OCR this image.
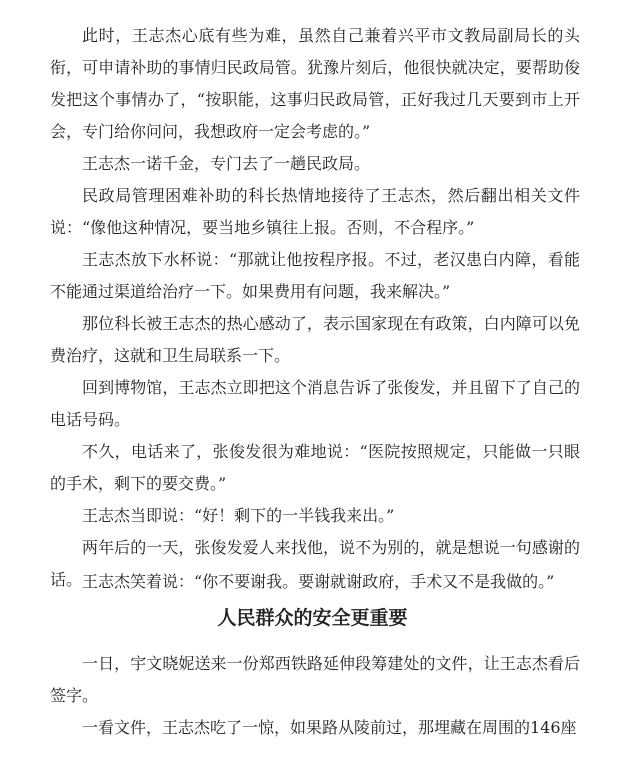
此时，王志杰心底有些为难，虽然自己兼着兴平市文教局副局长的头衔，可申请补助的事情归民政局管。犹豫片刻后，他很快就决定，要帮助俊发把这个事情办了，“按职能，这事归民政局管，正好我过几天要到市上开会，专门给你问问，我想政府一定会考虑的。”

王志杰一诺千金，专门去了一趟民政局。

民政局管理困难补助的科长热情地接待了王志杰，然后翻出相关文件说：“像他这种情况，要当地乡镇往上报。否则，不合程序。”

王志杰放下水杯说：“那就让他按程序报。不过，老汉患白内障，看能不能通过渠道给治疗一下。如果费用有问题，我来解决。”

那位科长被王志杰的热心感动了，表示国家现在有政策，白内障可以免费治疗，这就和卫生局联系一下。

回到博物馆，王志杰立即把这个消息告诉了张俊发，并且留下了自己的电话号码。

不久，电话来了，张俊发很为难地说：“医院按照规定，只能做一只眼的手术，剩下的要交费。”

王志杰当即说：“好！剩下的一半钱我来出。”

两年后的一天，张俊发爱人来找他，说不为别的，就是想说一句感谢的话。 王志杰笑着说：“你不要谢我。要谢就谢政府，手术又不是我做的。”

人民群众的安全更重要

一日，宇文晓妮送来一份郑西铁路延伸段筹建处的文件，让王志杰看后签字。

一看文件，王志杰吃了一惊，如果路从陵前过，那埋藏在周围的146座
